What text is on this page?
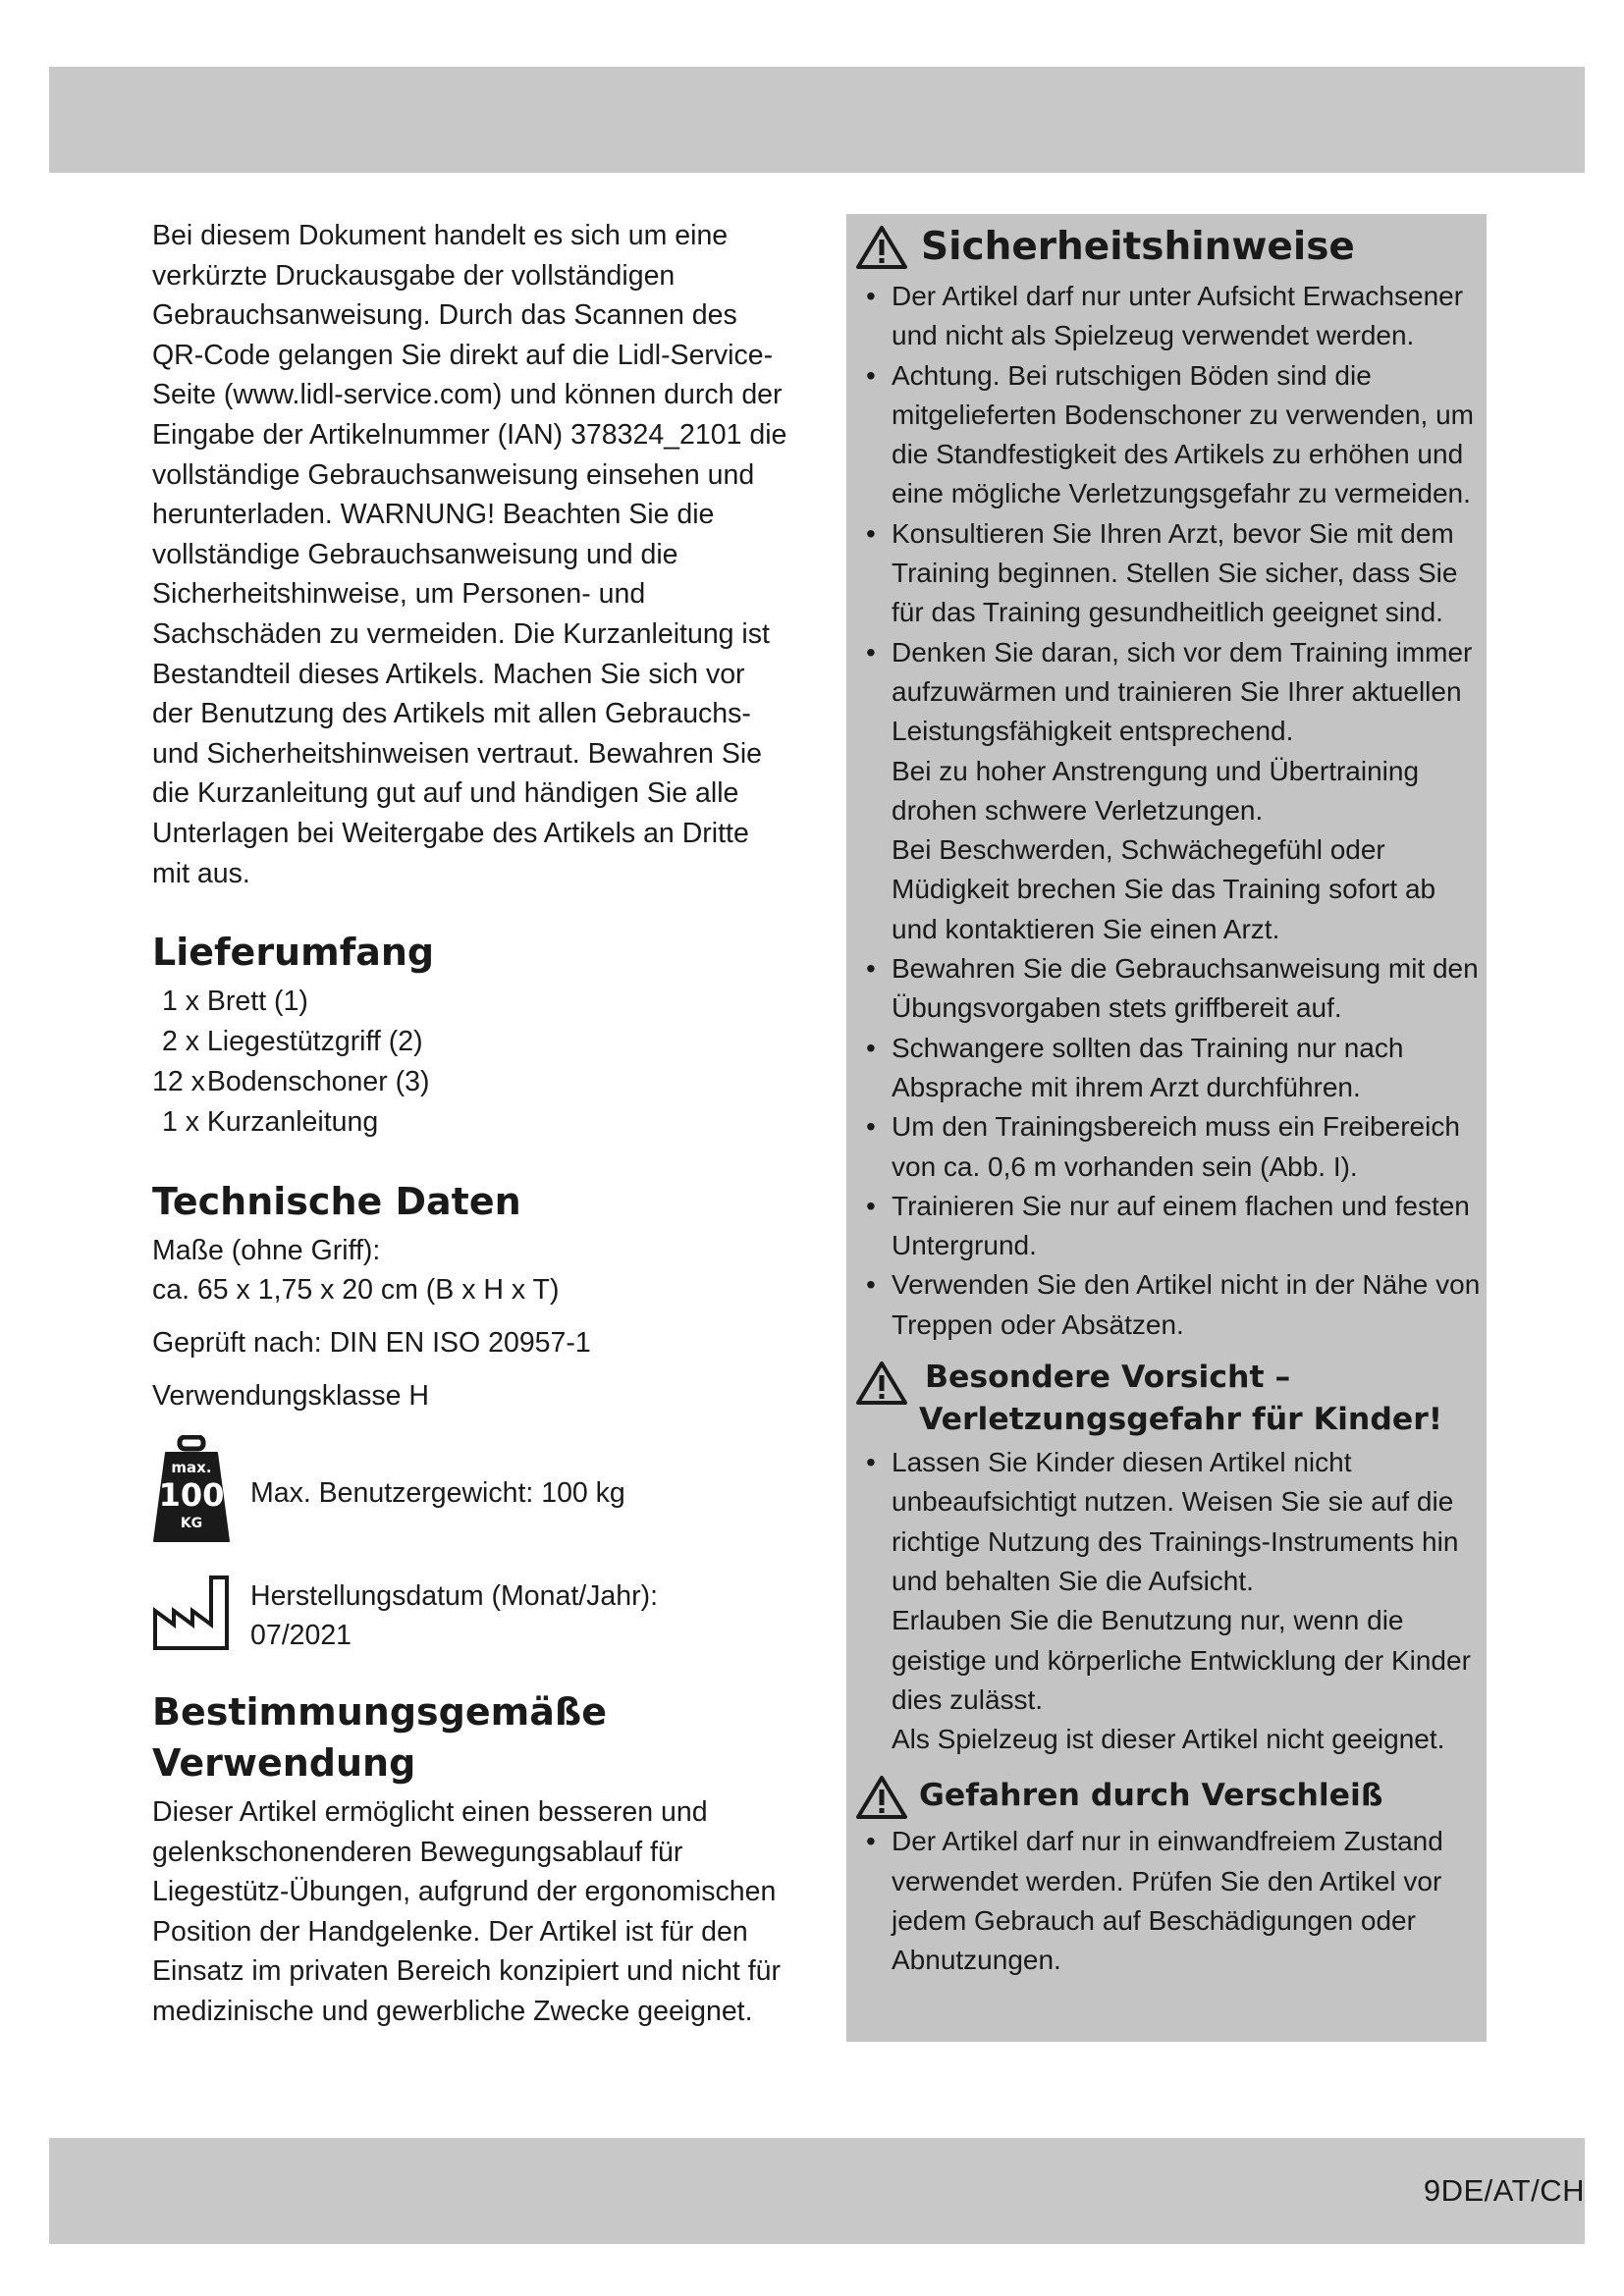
Bei diesem Dokument handelt es sich um eine verkürzte Druckausgabe der vollständigen Gebrauchsanweisung. Durch das Scannen des QR-Code gelangen Sie direkt auf die Lidl-Service-Seite (www.lidl-service.com) und können durch der Eingabe der Artikelnummer (IAN) 378324_2101 die vollständige Gebrauchsanweisung einsehen und herunterladen. WARNUNG! Beachten Sie die vollständige Gebrauchsanweisung und die Sicherheitshinweise, um Personen- und Sachschäden zu vermeiden. Die Kurzanleitung ist Bestandteil dieses Artikels. Machen Sie sich vor der Benutzung des Artikels mit allen Gebrauchs- und Sicherheitshinweisen vertraut. Bewahren Sie die Kurzanleitung gut auf und händigen Sie alle Unterlagen bei Weitergabe des Artikels an Dritte mit aus.

Lieferumfang
1 x
Brett (1)
2 x
Liegestützgriff (2)
12 x
Bodenschoner (3)
1 x
Kurzanleitung
Technische Daten

Maße (ohne Griff):

ca. 65 x 1,75 x 20 cm (B x H x T)

Geprüft nach: DIN EN ISO 20957-1

Verwendungsklasse H

max.
100
KG
Max. Benutzergewicht: 100 kg
Herstellungsdatum (Monat/Jahr):
07/2021
Bestimmungsgemäße
Verwendung

Dieser Artikel ermöglicht einen besseren und gelenkschonenderen Bewegungsablauf für Liegestütz-Übungen, aufgrund der ergonomischen Position der Handgelenke. Der Artikel ist für den Einsatz im privaten Bereich konzipiert und nicht für medizinische und gewerbliche Zwecke geeignet.

Sicherheitshinweise

• Der Artikel darf nur unter Aufsicht Erwachsener und nicht als Spielzeug verwendet werden.

• Achtung. Bei rutschigen Böden sind die mitgelieferten Bodenschoner zu verwenden, um die Standfestigkeit des Artikels zu erhöhen und eine mögliche Verletzungsgefahr zu vermeiden.

• Konsultieren Sie Ihren Arzt, bevor Sie mit dem Training beginnen. Stellen Sie sicher, dass Sie für das Training gesundheitlich geeignet sind.

• Denken Sie daran, sich vor dem Training immer aufzuwärmen und trainieren Sie Ihrer aktuellen Leistungsfähigkeit entsprechend.

Bei zu hoher Anstrengung und Übertraining drohen schwere Verletzungen.

Bei Beschwerden, Schwächegefühl oder Müdigkeit brechen Sie das Training sofort ab und kontaktieren Sie einen Arzt.

• Bewahren Sie die Gebrauchsanweisung mit den Übungsvorgaben stets griffbereit auf.

• Schwangere sollten das Training nur nach Absprache mit ihrem Arzt durchführen.

• Um den Trainingsbereich muss ein Freibereich von ca. 0,6 m vorhanden sein (Abb. I).

• Trainieren Sie nur auf einem flachen und festen Untergrund.

• Verwenden Sie den Artikel nicht in der Nähe von Treppen oder Absätzen.

Besondere Vorsicht –
Verletzungsgefahr für Kinder!

• Lassen Sie Kinder diesen Artikel nicht unbeaufsichtigt nutzen. Weisen Sie sie auf die richtige Nutzung des Trainings-Instruments hin und behalten Sie die Aufsicht.

Erlauben Sie die Benutzung nur, wenn die geistige und körperliche Entwicklung der Kinder dies zulässt.

Als Spielzeug ist dieser Artikel nicht geeignet.

Gefahren durch Verschleiß

• Der Artikel darf nur in einwandfreiem Zustand verwendet werden. Prüfen Sie den Artikel vor jedem Gebrauch auf Beschädigungen oder Abnutzungen.

9DE/AT/CH
